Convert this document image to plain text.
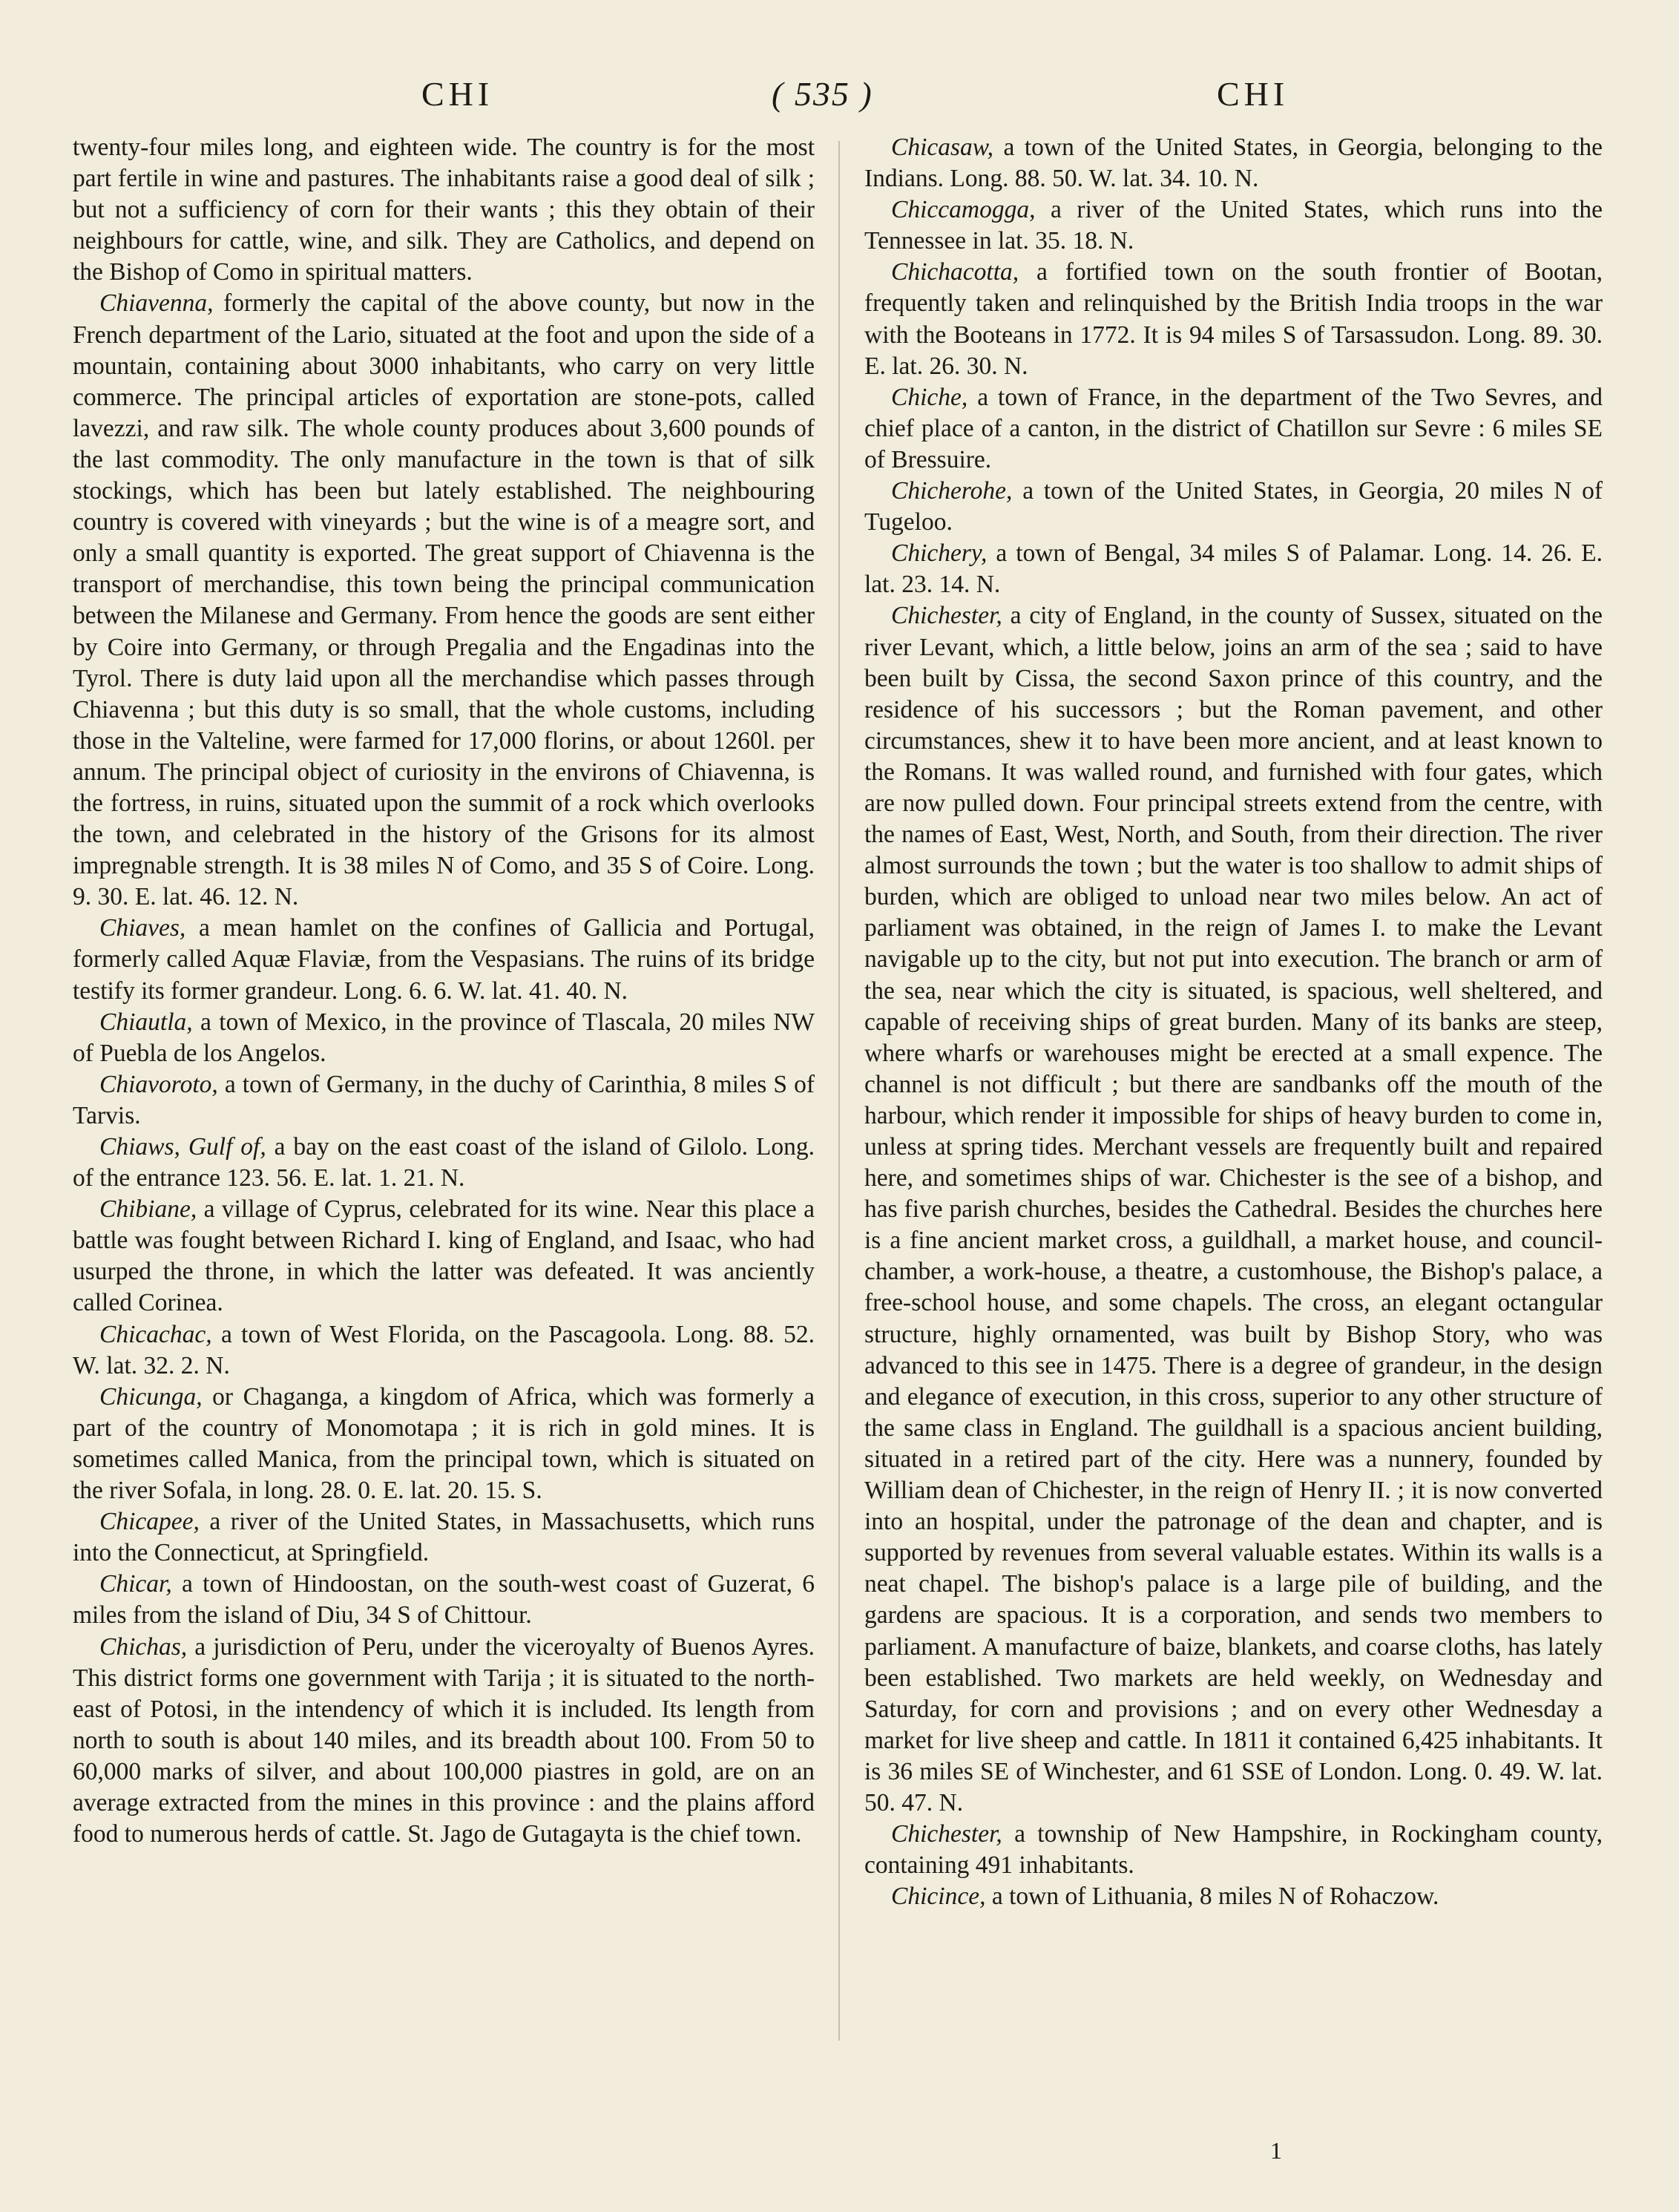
CHI	( 535 )	CHI

twenty-four miles long, and eighteen wide. The country is for the most part fertile in wine and pastures. The inhabitants raise a good deal of silk ; but not a sufficiency of corn for their wants ; this they obtain of their neighbours for cattle, wine, and silk. They are Catholics, and depend on the Bishop of Como in spiritual matters.

Chiavenna, formerly the capital of the above county, but now in the French department of the Lario, situated at the foot and upon the side of a mountain, containing about 3000 inhabitants, who carry on very little commerce. The principal articles of exportation are stone-pots, called lavezzi, and raw silk. The whole county produces about 3,600 pounds of the last commodity. The only manufacture in the town is that of silk stockings, which has been but lately established. The neighbouring country is covered with vineyards ; but the wine is of a meagre sort, and only a small quantity is exported. The great support of Chiavenna is the transport of merchandise, this town being the principal communication between the Milanese and Germany. From hence the goods are sent either by Coire into Germany, or through Pregalia and the Engadinas into the Tyrol. There is duty laid upon all the merchandise which passes through Chiavenna ; but this duty is so small, that the whole customs, including those in the Valteline, were farmed for 17,000 florins, or about 1260l. per annum. The principal object of curiosity in the environs of Chiavenna, is the fortress, in ruins, situated upon the summit of a rock which overlooks the town, and celebrated in the history of the Grisons for its almost impregnable strength. It is 38 miles N of Como, and 35 S of Coire. Long. 9. 30. E. lat. 46. 12. N.

Chiaves, a mean hamlet on the confines of Gallicia and Portugal, formerly called Aquæ Flaviæ, from the Vespasians. The ruins of its bridge testify its former grandeur. Long. 6. 6. W. lat. 41. 40. N.

Chiautla, a town of Mexico, in the province of Tlascala, 20 miles NW of Puebla de los Angelos.

Chiavoroto, a town of Germany, in the duchy of Carinthia, 8 miles S of Tarvis.

Chiaws, Gulf of, a bay on the east coast of the island of Gilolo. Long. of the entrance 123. 56. E. lat. 1. 21. N.

Chibiane, a village of Cyprus, celebrated for its wine. Near this place a battle was fought between Richard I. king of England, and Isaac, who had usurped the throne, in which the latter was defeated. It was anciently called Corinea.

Chicachac, a town of West Florida, on the Pascagoola. Long. 88. 52. W. lat. 32. 2. N.

Chicunga, or Chaganga, a kingdom of Africa, which was formerly a part of the country of Monomotapa ; it is rich in gold mines. It is sometimes called Manica, from the principal town, which is situated on the river Sofala, in long. 28. 0. E. lat. 20. 15. S.

Chicapee, a river of the United States, in Massachusetts, which runs into the Connecticut, at Springfield.

Chicar, a town of Hindoostan, on the south-west coast of Guzerat, 6 miles from the island of Diu, 34 S of Chittour.

Chichas, a jurisdiction of Peru, under the viceroyalty of Buenos Ayres. This district forms one government with Tarija ; it is situated to the north-east of Potosi, in the intendency of which it is included. Its length from north to south is about 140 miles, and its breadth about 100. From 50 to 60,000 marks of silver, and about 100,000 piastres in gold, are on an average extracted from the mines in this province : and the plains afford food to numerous herds of cattle. St. Jago de Gutagayta is the chief town.

Chicasaw, a town of the United States, in Georgia, belonging to the Indians. Long. 88. 50. W. lat. 34. 10. N.

Chiccamogga, a river of the United States, which runs into the Tennessee in lat. 35. 18. N.

Chichacotta, a fortified town on the south frontier of Bootan, frequently taken and relinquished by the British India troops in the war with the Booteans in 1772. It is 94 miles S of Tarsassudon. Long. 89. 30. E. lat. 26. 30. N.

Chiche, a town of France, in the department of the Two Sevres, and chief place of a canton, in the district of Chatillon sur Sevre : 6 miles SE of Bressuire.

Chicherohe, a town of the United States, in Georgia, 20 miles N of Tugeloo.

Chichery, a town of Bengal, 34 miles S of Palamar. Long. 14. 26. E. lat. 23. 14. N.

Chichester, a city of England, in the county of Sussex, situated on the river Levant, which, a little below, joins an arm of the sea ; said to have been built by Cissa, the second Saxon prince of this country, and the residence of his successors ; but the Roman pavement, and other circumstances, shew it to have been more ancient, and at least known to the Romans. It was walled round, and furnished with four gates, which are now pulled down. Four principal streets extend from the centre, with the names of East, West, North, and South, from their direction. The river almost surrounds the town ; but the water is too shallow to admit ships of burden, which are obliged to unload near two miles below. An act of parliament was obtained, in the reign of James I. to make the Levant navigable up to the city, but not put into execution. The branch or arm of the sea, near which the city is situated, is spacious, well sheltered, and capable of receiving ships of great burden. Many of its banks are steep, where wharfs or warehouses might be erected at a small expence. The channel is not difficult ; but there are sandbanks off the mouth of the harbour, which render it impossible for ships of heavy burden to come in, unless at spring tides. Merchant vessels are frequently built and repaired here, and sometimes ships of war. Chichester is the see of a bishop, and has five parish churches, besides the Cathedral. Besides the churches here is a fine ancient market cross, a guildhall, a market house, and council-chamber, a work-house, a theatre, a customhouse, the Bishop's palace, a free-school house, and some chapels. The cross, an elegant octangular structure, highly ornamented, was built by Bishop Story, who was advanced to this see in 1475. There is a degree of grandeur, in the design and elegance of execution, in this cross, superior to any other structure of the same class in England. The guildhall is a spacious ancient building, situated in a retired part of the city. Here was a nunnery, founded by William dean of Chichester, in the reign of Henry II. ; it is now converted into an hospital, under the patronage of the dean and chapter, and is supported by revenues from several valuable estates. Within its walls is a neat chapel. The bishop's palace is a large pile of building, and the gardens are spacious. It is a corporation, and sends two members to parliament. A manufacture of baize, blankets, and coarse cloths, has lately been established. Two markets are held weekly, on Wednesday and Saturday, for corn and provisions ; and on every other Wednesday a market for live sheep and cattle. In 1811 it contained 6,425 inhabitants. It is 36 miles SE of Winchester, and 61 SSE of London. Long. 0. 49. W. lat. 50. 47. N.

Chichester, a township of New Hampshire, in Rockingham county, containing 491 inhabitants.

Chicince, a town of Lithuania, 8 miles N of Rohaczow.

1
